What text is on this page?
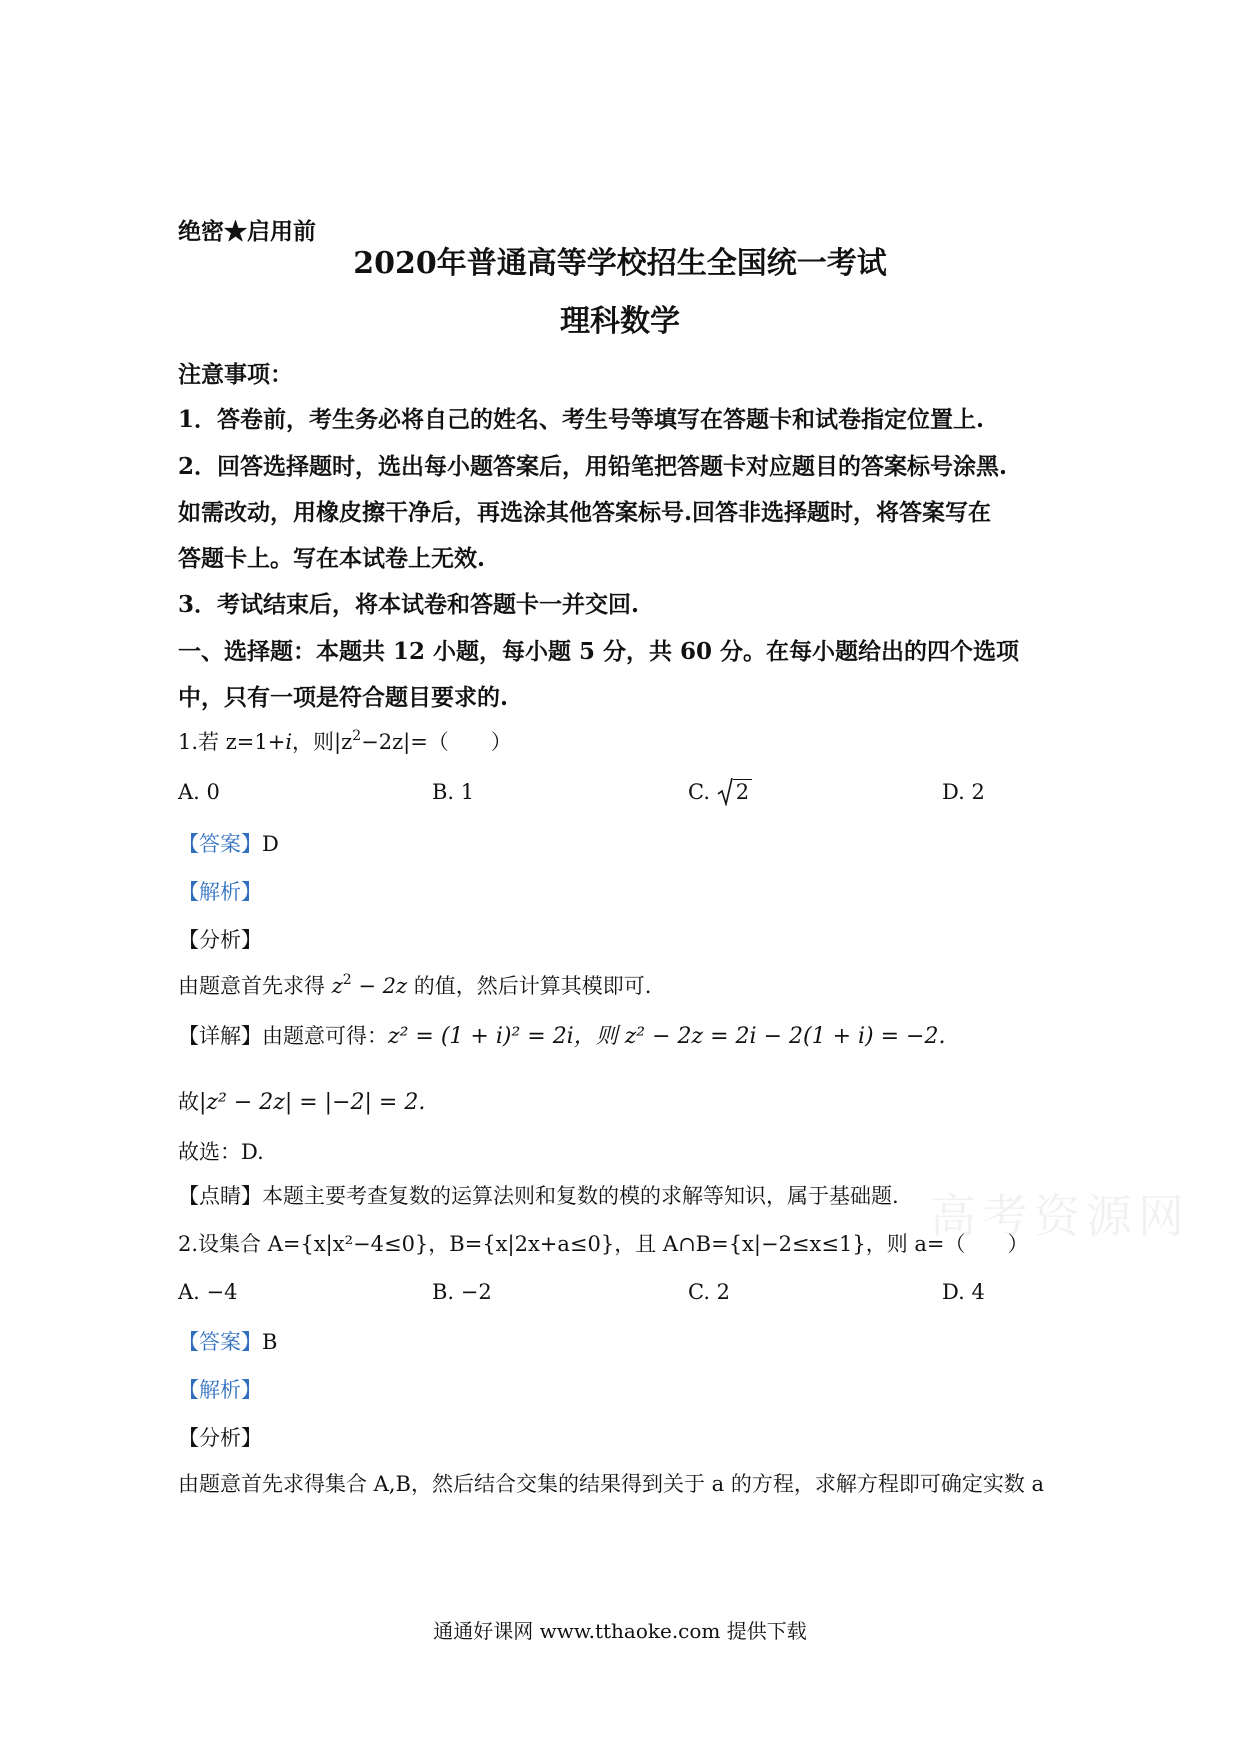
高考资源网
绝密★启用前
2020年普通高等学校招生全国统一考试
理科数学
注意事项：
1．答卷前，考生务必将自己的姓名、考生号等填写在答题卡和试卷指定位置上.
2．回答选择题时，选出每小题答案后，用铅笔把答题卡对应题目的答案标号涂黑.
如需改动，用橡皮擦干净后，再选涂其他答案标号.回答非选择题时，将答案写在
答题卡上。写在本试卷上无效.
3．考试结束后，将本试卷和答题卡一并交回.
一、选择题：本题共 12 小题，每小题 5 分，共 60 分。在每小题给出的四个选项
中，只有一项是符合题目要求的.
1.若 z=1+i，则$|z^2-2z|=$（　　）
A. 0	B. 1	C. 2	D. 2
【答案】D
【解析】
【分析】
由题意首先求得 $z^2 - 2z$ 的值，然后计算其模即可.
【详解】由题意可得：z² = (1 + i)² = 2i，则 z² − 2z = 2i − 2(1 + i) = −2.
故|z² − 2z| = |−2| = 2.
故选：D.
【点睛】本题主要考查复数的运算法则和复数的模的求解等知识，属于基础题.
2.设集合 A={x|x²−4≤0}，B={x|2x+a≤0}，且 A∩B={x|−2≤x≤1}，则 a=（　　）
A. −4	B. −2	C. 2	D. 4
【答案】B
【解析】
【分析】
由题意首先求得集合 A,B，然后结合交集的结果得到关于 a 的方程，求解方程即可确定实数 a
通通好课网 www.tthaoke.com 提供下载
